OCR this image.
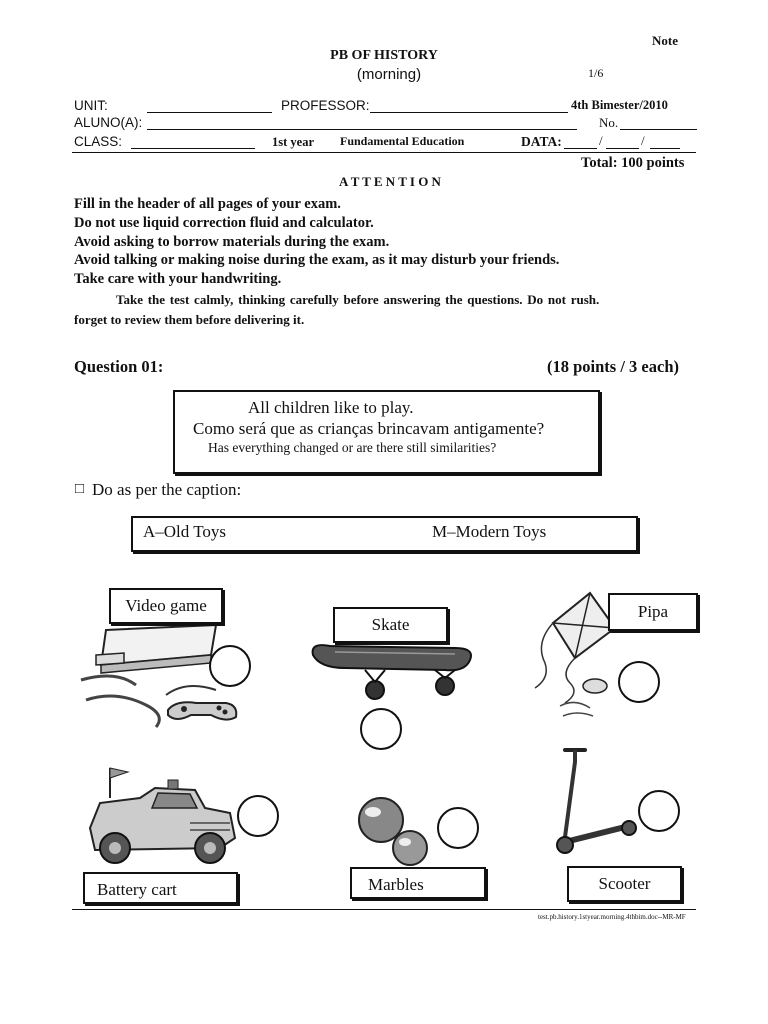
Note
PB OF HISTORY
(morning)	1/6
UNIT:	PROFESSOR:	4th Bimester/2010
ALUNO(A):	No.
CLASS:	1st year Fundamental Education	DATA:	/	/
Total: 100 points
A T T E N T I O N
Fill in the header of all pages of your exam.
Do not use liquid correction fluid and calculator.
Avoid asking to borrow materials during the exam.
Avoid talking or making noise during the exam, as it may disturb your friends.
Take care with your handwriting.
Take the test calmly, thinking carefully before answering the questions. Do not rush.
forget to review them before delivering it.
Question 01:	(18 points / 3 each)
All children like to play.
Como será que as crianças brincavam antigamente?
Has everything changed or are there still similarities?
□ Do as per the caption:
A–Old Toys	M–Modern Toys
Video game
Skate
Pipa
Battery cart	Marbles	Scooter
test.pb.history.1styear.morning.4thbim.doc--MR-MF
